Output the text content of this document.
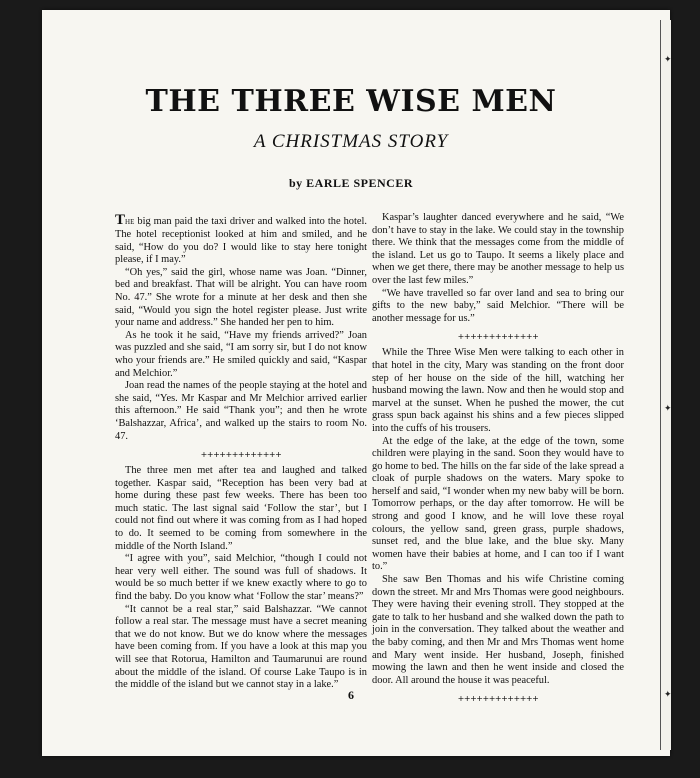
✦
✦
✦
THE THREE WISE MEN
A CHRISTMAS STORY
by EARLE SPENCER

The big man paid the taxi driver and walked into the hotel. The hotel receptionist looked at him and smiled, and he said, “How do you do? I would like to stay here tonight please, if I may.”

“Oh yes,” said the girl, whose name was Joan. “Dinner, bed and breakfast. That will be alright. You can have room No. 47.” She wrote for a minute at her desk and then she said, “Would you sign the hotel register please. Just write your name and address.” She handed her pen to him.

As he took it he said, “Have my friends arrived?” Joan was puzzled and she said, “I am sorry sir, but I do not know who your friends are.” He smiled quickly and said, “Kaspar and Melchior.”

Joan read the names of the people staying at the hotel and she said, “Yes. Mr Kaspar and Mr Melchior arrived earlier this afternoon.” He said “Thank you”; and then he wrote ‘Balshazzar, Africa’, and walked up the stairs to room No. 47.

+++++++++++++

The three men met after tea and laughed and talked together. Kaspar said, “Reception has been very bad at home during these past few weeks. There has been too much static. The last signal said ‘Follow the star’, but I could not find out where it was coming from as I had hoped to do. It seemed to be coming from somewhere in the middle of the North Island.”

“I agree with you”, said Melchior, “though I could not hear very well either. The sound was full of shadows. It would be so much better if we knew exactly where to go to find the baby. Do you know what ‘Follow the star’ means?”

“It cannot be a real star,” said Balshazzar. “We cannot follow a real star. The message must have a secret meaning that we do not know. But we do know where the messages have been coming from. If you have a look at this map you will see that Rotorua, Hamilton and Taumarunui are round about the middle of the island. Of course Lake Taupo is in the middle of the island but we cannot stay in a lake.”

Kaspar’s laughter danced everywhere and he said, “We don’t have to stay in the lake. We could stay in the township there. We think that the messages come from the middle of the island. Let us go to Taupo. It seems a likely place and when we get there, there may be another message to help us over the last few miles.”

“We have travelled so far over land and sea to bring our gifts to the new baby,” said Melchior. “There will be another message for us.”

+++++++++++++

While the Three Wise Men were talking to each other in that hotel in the city, Mary was standing on the front door step of her house on the side of the hill, watching her husband mowing the lawn. Now and then he would stop and marvel at the sunset. When he pushed the mower, the cut grass spun back against his shins and a few pieces slipped into the cuffs of his trousers.

At the edge of the lake, at the edge of the town, some children were playing in the sand. Soon they would have to go home to bed. The hills on the far side of the lake spread a cloak of purple shadows on the waters. Mary spoke to herself and said, “I wonder when my new baby will be born. Tomorrow perhaps, or the day after tomorrow. He will be strong and good I know, and he will love these royal colours, the yellow sand, green grass, purple shadows, sunset red, and the blue lake, and the blue sky. Many women have their babies at home, and I can too if I want to.”

She saw Ben Thomas and his wife Christine coming down the street. Mr and Mrs Thomas were good neighbours. They were having their evening stroll. They stopped at the gate to talk to her husband and she walked down the path to join in the conversation. They talked about the weather and the baby coming, and then Mr and Mrs Thomas went home and Mary went inside. Her husband, Joseph, finished mowing the lawn and then he went inside and closed the door. All around the house it was peaceful.

+++++++++++++
6
